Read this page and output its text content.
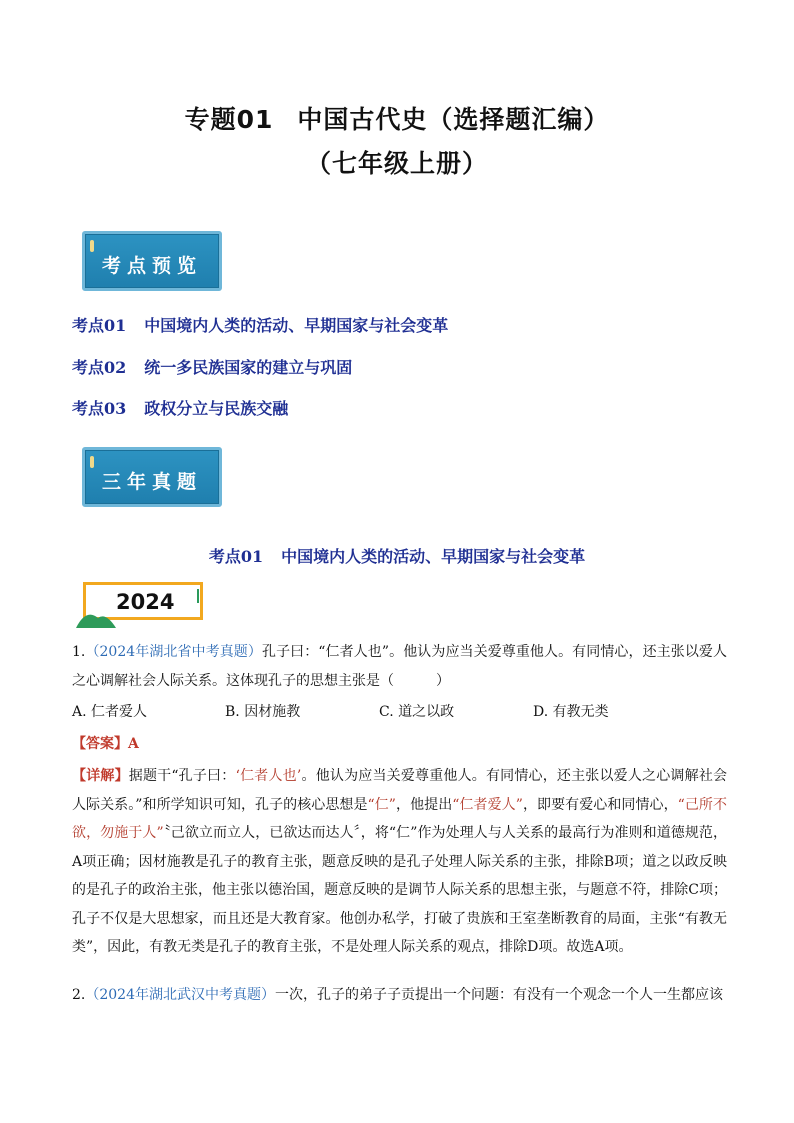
专题01 中国古代史（选择题汇编）
（七年级上册）
考点预览
考点01 中国境内人类的活动、早期国家与社会变革
考点02 统一多民族国家的建立与巩固
考点03 政权分立与民族交融
三年真题
考点01 中国境内人类的活动、早期国家与社会变革
2024
1.（2024年湖北省中考真题）孔子曰：“仁者人也”。他认为应当关爱尊重他人。有同情心，还主张以爱人之心调解社会人际关系。这体现孔子的思想主张是（　　　）
A. 仁者爱人	B. 因材施教	C. 道之以政	D. 有教无类
【答案】A
【详解】据题干“孔子曰：‘仁者人也’。他认为应当关爱尊重他人。有同情心，还主张以爱人之心调解社会人际关系。”和所学知识可知，孔子的核心思想是“仁”，他提出“仁者爱人”，即要有爱心和同情心，“己所不欲，勿施于人”〝己欲立而立人，已欲达而达人〞，将“仁”作为处理人与人关系的最高行为准则和道德规范，A项正确；因材施教是孔子的教育主张，题意反映的是孔子处理人际关系的主张，排除B项；道之以政反映的是孔子的政治主张，他主张以德治国，题意反映的是调节人际关系的思想主张，与题意不符，排除C项；孔子不仅是大思想家，而且还是大教育家。他创办私学，打破了贵族和王室垄断教育的局面，主张“有教无类”，因此，有教无类是孔子的教育主张，不是处理人际关系的观点，排除D项。故选A项。
2.（2024年湖北武汉中考真题）一次，孔子的弟子子贡提出一个问题：有没有一个观念一个人一生都应该
